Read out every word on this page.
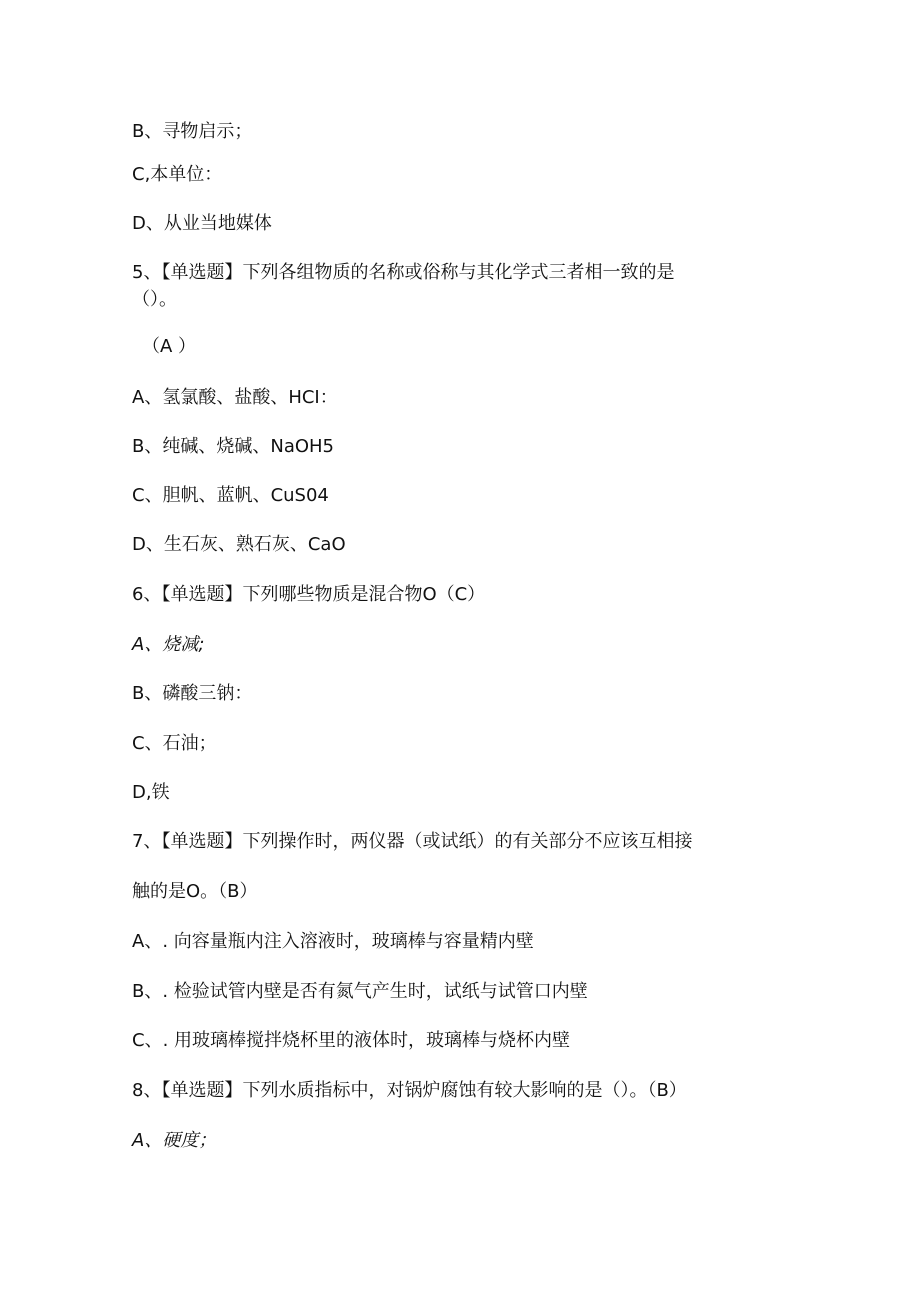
B、寻物启示；
C,本单位：
D、从业当地媒体
5、【单选题】下列各组物质的名称或俗称与其化学式三者相一致的是
（）。
（A ）
A、氢氯酸、盐酸、HCI：
B、纯碱、烧碱、NaOH5
C、胆帆、蓝帆、CuS04
D、生石灰、熟石灰、CaO
6、【单选题】下列哪些物质是混合物O（C）
A、烧减;
B、磷酸三钠：
C、石油；
D,铁
7、【单选题】下列操作时，两仪器（或试纸）的有关部分不应该互相接
触的是O。（B）
A、. 向容量瓶内注入溶液时，玻璃棒与容量精内壁
B、. 检验试管内壁是否有氮气产生时，试纸与试管口内壁
C、. 用玻璃棒搅拌烧杯里的液体时，玻璃棒与烧杯内壁
8、【单选题】下列水质指标中，对锅炉腐蚀有较大影响的是（）。（B）
A、硬度；
